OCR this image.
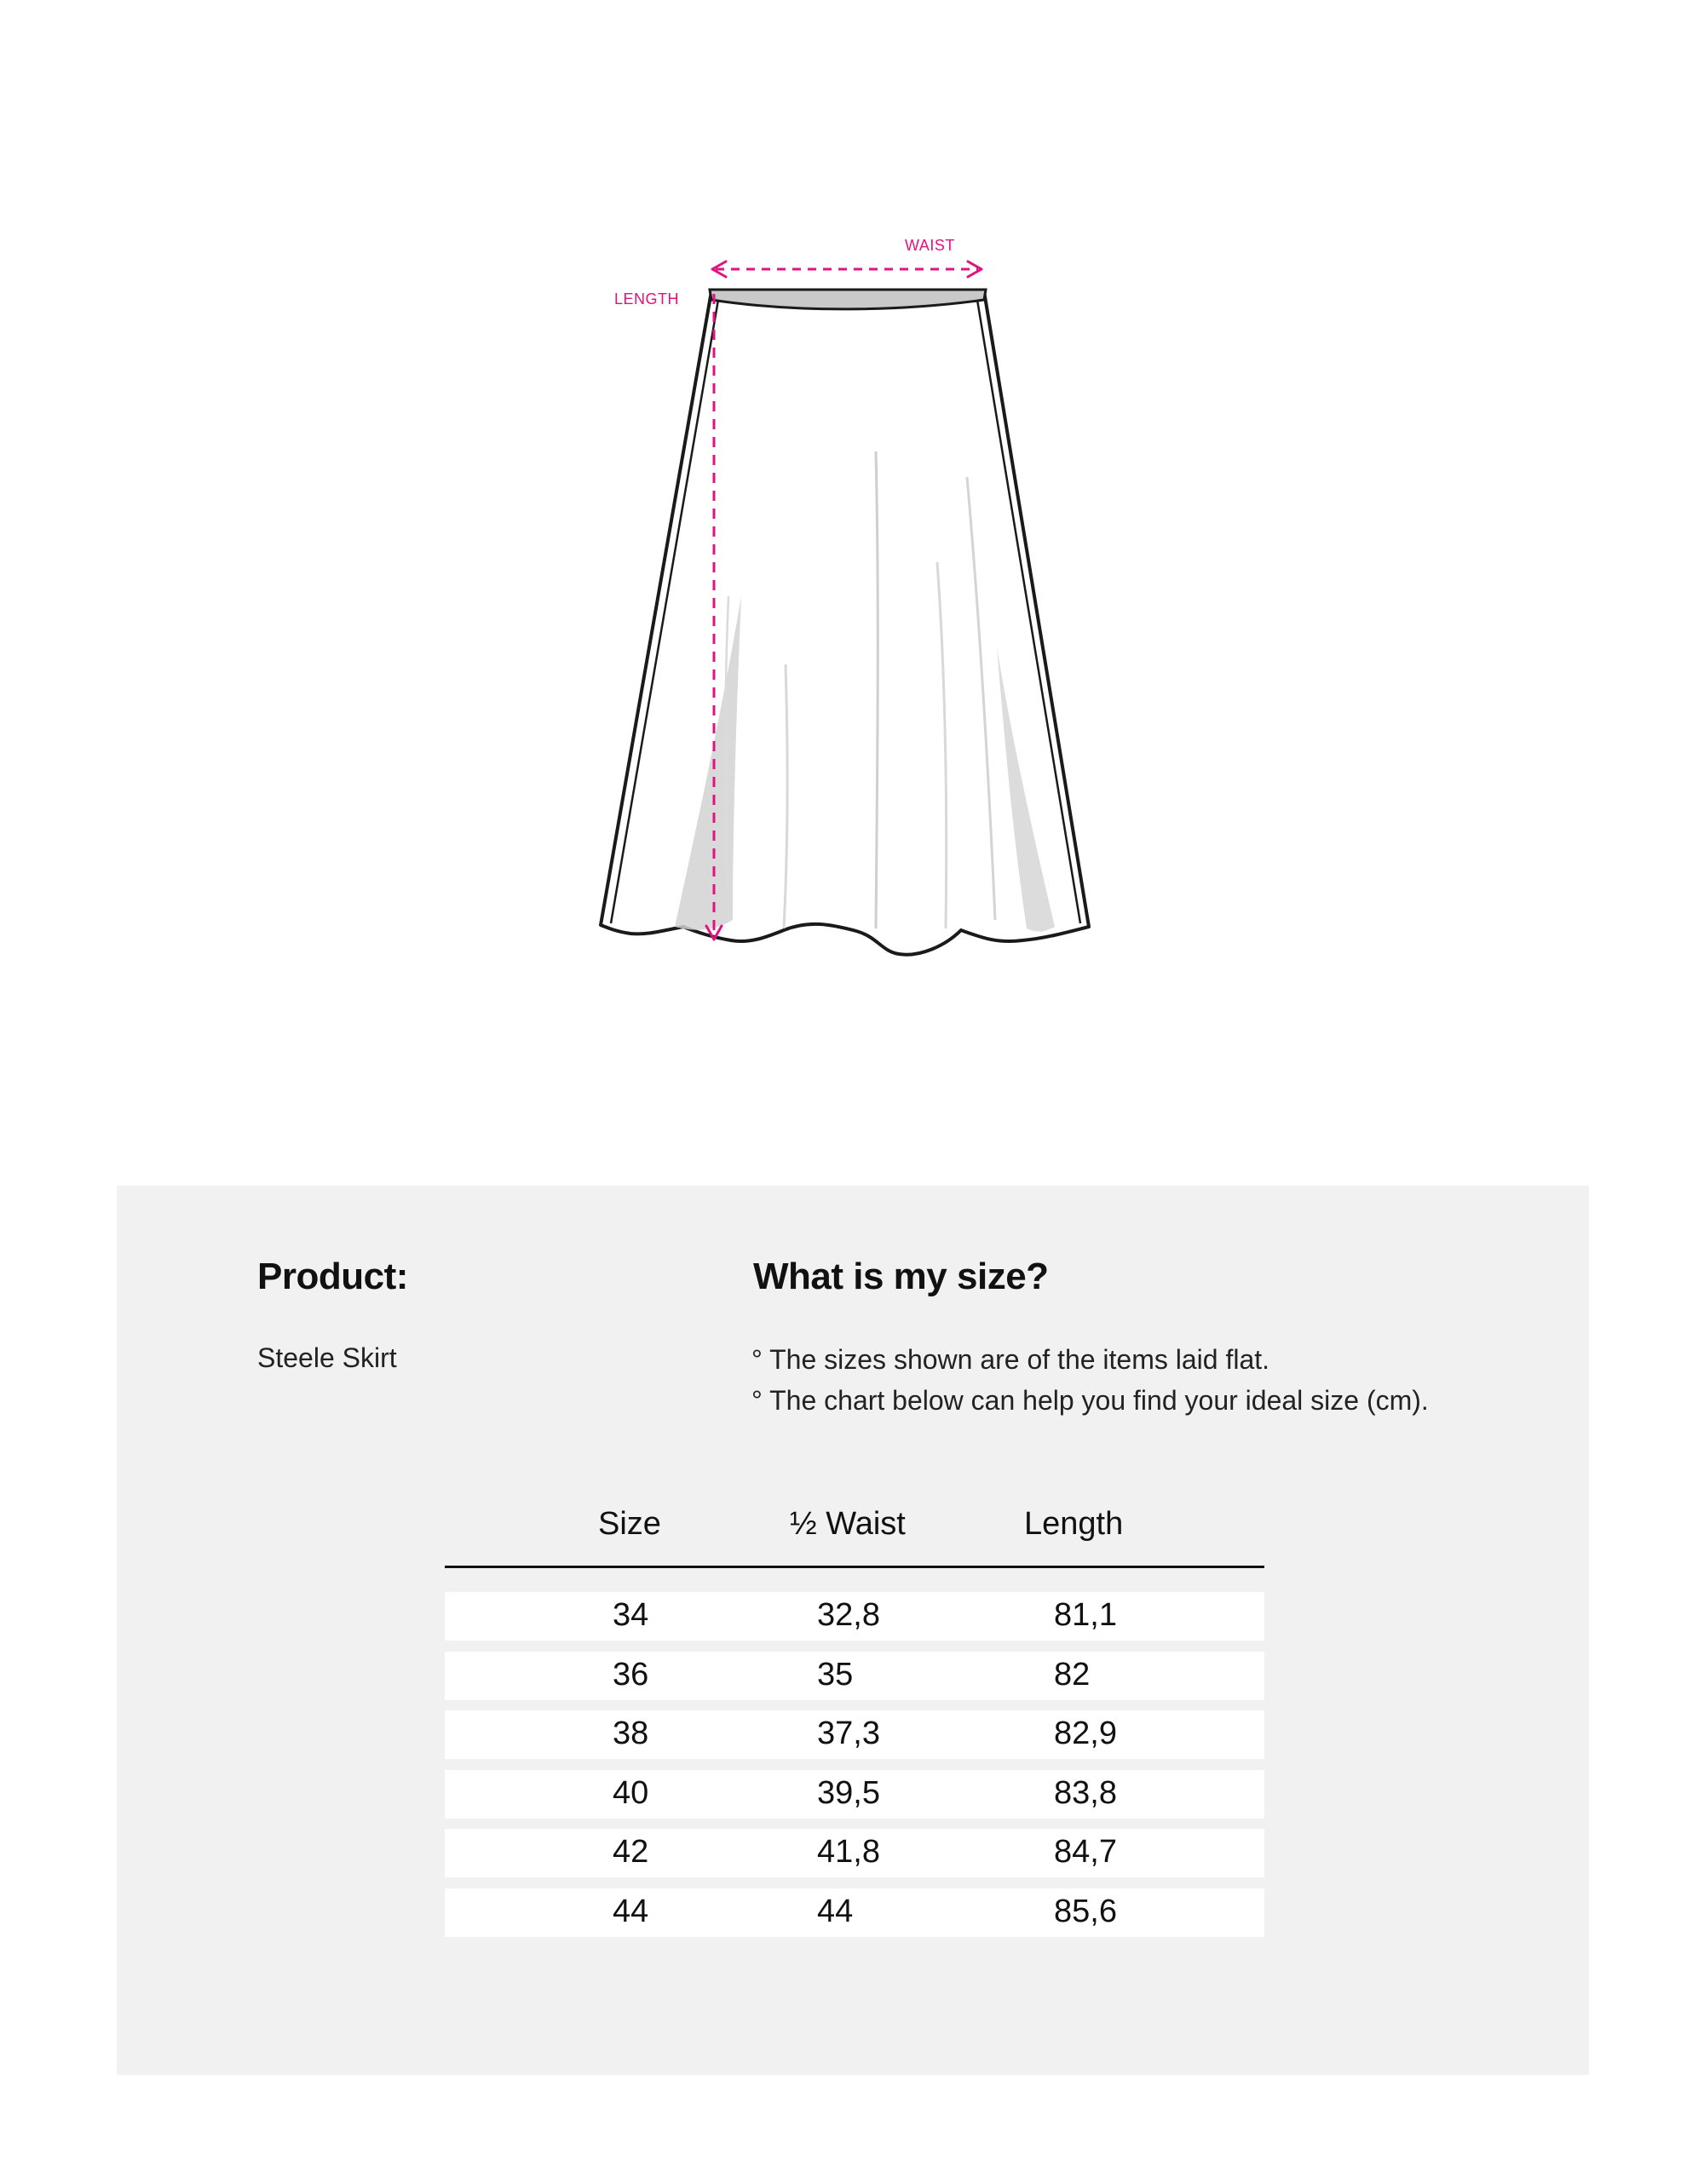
WAIST
LENGTH
Product:
Steele Skirt
What is my size?
° The sizes shown are of the items laid flat.
° The chart below can help you find your ideal size (cm).
Size	½ Waist	Length
34	32,8	81,1
36	35	82
38	37,3	82,9
40	39,5	83,8
42	41,8	84,7
44	44	85,6
